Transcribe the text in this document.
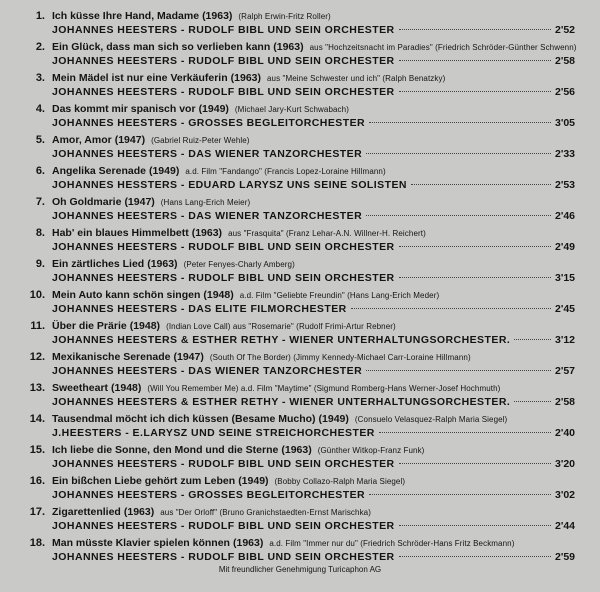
1. Ich küsse Ihre Hand, Madame (1963) (Ralph Erwin-Fritz Roller)
JOHANNES HEESTERS - RUDOLF BIBL UND SEIN ORCHESTER	2'52
2. Ein Glück, dass man sich so verlieben kann (1963) aus "Hochzeitsnacht im Paradies" (Friedrich Schröder-Günther Schwenn)
JOHANNES HEESTERS - RUDOLF BIBL UND SEIN ORCHESTER	2'58
3. Mein Mädel ist nur eine Verkäuferin (1963) aus "Meine Schwester und ich" (Ralph Benatzky)
JOHANNES HEESTERS - RUDOLF BIBL UND SEIN ORCHESTER	2'56
4. Das kommt mir spanisch vor (1949) (Michael Jary-Kurt Schwabach)
JOHANNES HEESTERS - GROSSES BEGLEITORCHESTER	3'05
5. Amor, Amor (1947) (Gabriel Ruiz-Peter Wehle)
JOHANNES HEESTERS - DAS WIENER TANZORCHESTER	2'33
6. Angelika Serenade (1949) a.d. Film "Fandango" (Francis Lopez-Loraine Hillmann)
JOHANNES HESSTERS - EDUARD LARYSZ UNS SEINE SOLISTEN	2'53
7. Oh Goldmarie (1947) (Hans Lang-Erich Meier)
JOHANNES HEESTERS - DAS WIENER TANZORCHESTER	2'46
8. Hab' ein blaues Himmelbett (1963) aus "Frasquita" (Franz Lehar-A.N. Willner-H. Reichert)
JOHANNES HEESTERS - RUDOLF BIBL UND SEIN ORCHESTER	2'49
9. Ein zärtliches Lied (1963) (Peter Fenyes-Charly Amberg)
JOHANNES HEESTERS - RUDOLF BIBL UND SEIN ORCHESTER	3'15
10. Mein Auto kann schön singen (1948) a.d. Film "Geliebte Freundin" (Hans Lang-Erich Meder)
JOHANNES HEESTERS - DAS ELITE FILMORCHESTER	2'45
11. Über die Prärie (1948) (Indian Love Call) aus "Rosemarie" (Rudolf Frimi-Artur Rebner)
JOHANNES HEESTERS & ESTHER RETHY - WIENER UNTERHALTUNGSORCHESTER.	3'12
12. Mexikanische Serenade (1947) (South Of The Border) (Jimmy Kennedy-Michael Carr-Loraine Hillmann)
JOHANNES HEESTERS - DAS WIENER TANZORCHESTER	2'57
13. Sweetheart (1948) (Will You Remember Me) a.d. Film "Maytime" (Sigmund Romberg-Hans Werner-Josef Hochmuth)
JOHANNES HEESTERS & ESTHER RETHY - WIENER UNTERHALTUNGSORCHESTER.	2'58
14. Tausendmal möcht ich dich küssen (Besame Mucho) (1949) (Consuelo Velasquez-Ralph Maria Siegel)
J.HEESTERS - E.LARYSZ UND SEINE STREICHORCHESTER	2'40
15. Ich liebe die Sonne, den Mond und die Sterne (1963) (Günther Witkop-Franz Funk)
JOHANNES HEESTERS - RUDOLF BIBL UND SEIN ORCHESTER	3'20
16. Ein bißchen Liebe gehört zum Leben (1949) (Bobby Collazo-Ralph Maria Siegel)
JOHANNES HEESTERS - GROSSES BEGLEITORCHESTER	3'02
17. Zigarettenlied (1963) aus "Der Orloff" (Bruno Granichstaedten-Ernst Marischka)
JOHANNES HEESTERS - RUDOLF BIBL UND SEIN ORCHESTER	2'44
18. Man müsste Klavier spielen können (1963) a.d. Film "Immer nur du" (Friedrich Schröder-Hans Fritz Beckmann)
JOHANNES HEESTERS - RUDOLF BIBL UND SEIN ORCHESTER	2'59
Mit freundlicher Genehmigung Turicaphon AG
